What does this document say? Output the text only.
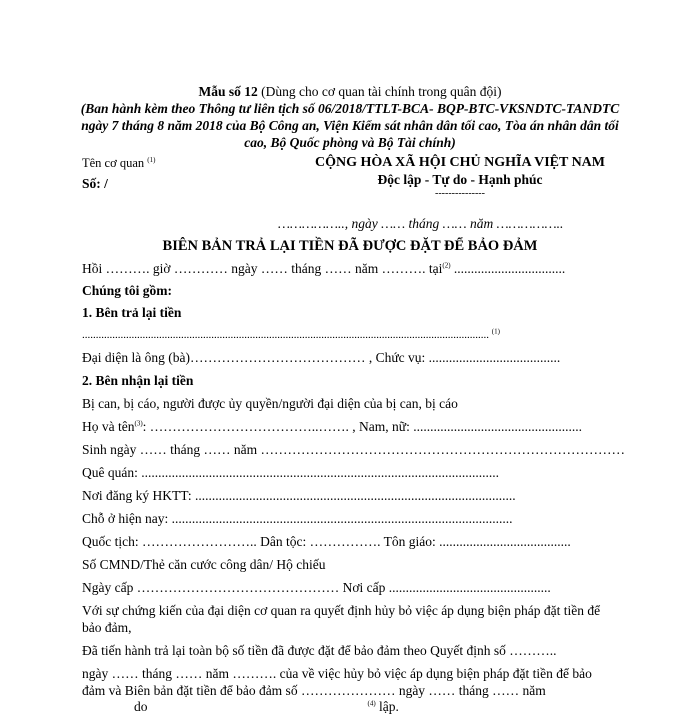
Mẫu số 12 (Dùng cho cơ quan tài chính trong quân đội)
(Ban hành kèm theo Thông tư liên tịch số 06/2018/TTLT-BCA- BQP-BTC-VKSNDTC-TANDTC
ngày 7 tháng 8 năm 2018 của Bộ Công an, Viện Kiểm sát nhân dân tối cao, Tòa án nhân dân tối
cao, Bộ Quốc phòng và Bộ Tài chính)
Tên cơ quan $^{(1)}$
Số: /
CỘNG HÒA XÃ HỘI CHỦ NGHĨA VIỆT NAM
Độc lập - Tự do - Hạnh phúc
---------------
…………….., ngày …… tháng …… năm ……………..
BIÊN BẢN TRẢ LẠI TIỀN ĐÃ ĐƯỢC ĐẶT ĐỂ BẢO ĐẢM
Hồi ………. giờ ………… ngày …… tháng …… năm ………. tại$^{(2)}$ .................................
Chúng tôi gồm:
1. Bên trả lại tiền
.................................................................................................................................................... $^{(1)}$
Đại diện là ông (bà)………………………………… , Chức vụ: .......................................
2. Bên nhận lại tiền
Bị can, bị cáo, người được ủy quyền/người đại diện của bị can, bị cáo
Họ và tên$^{(3)}$: ………………………………..……. , Nam, nữ: ..................................................
Sinh ngày …… tháng …… năm ………………………………………………………………………
Quê quán: ..........................................................................................................
Nơi đăng ký HKTT: ...............................................................................................
Chỗ ở hiện nay: .....................................................................................................
Quốc tịch: …………………….. Dân tộc: ……………. Tôn giáo: .......................................
Số CMND/Thẻ căn cước công dân/ Hộ chiếu
Ngày cấp ……………………………………… Nơi cấp ................................................
Với sự chứng kiến của đại diện cơ quan ra quyết định hủy bỏ việc áp dụng biện pháp đặt tiền để
bảo đảm,
Đã tiến hành trả lại toàn bộ số tiền đã được đặt để bảo đảm theo Quyết định số ………..
ngày …… tháng …… năm ………. của về việc hủy bỏ việc áp dụng biện pháp đặt tiền để bảo
đảm và Biên bản đặt tiền để bảo đảm số ………………… ngày …… tháng …… năm
do	$^{(4)}$ lập.
